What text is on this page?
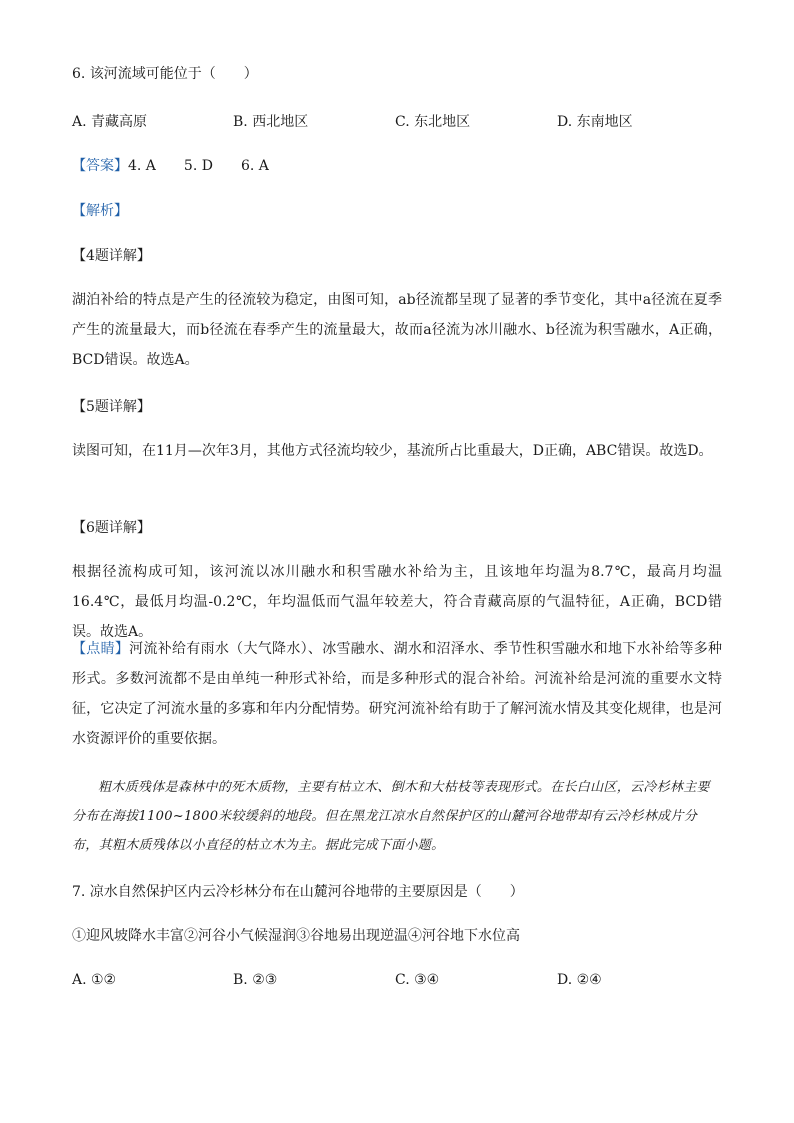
6. 该河流域可能位于（　　）
A. 青藏高原	B. 西北地区	C. 东北地区	D. 东南地区
【答案】4. A　　5. D　　6. A
【解析】
【4题详解】
湖泊补给的特点是产生的径流较为稳定，由图可知，ab径流都呈现了显著的季节变化，其中a径流在夏季产生的流量最大，而b径流在春季产生的流量最大，故而a径流为冰川融水、b径流为积雪融水，A正确，BCD错误。故选A。
【5题详解】
读图可知，在11月—次年3月，其他方式径流均较少，基流所占比重最大，D正确，ABC错误。故选D。
【6题详解】
根据径流构成可知，该河流以冰川融水和积雪融水补给为主，且该地年均温为8.7℃，最高月均温16.4℃，最低月均温-0.2℃，年均温低而气温年较差大，符合青藏高原的气温特征，A正确，BCD错误。故选A。
【点睛】河流补给有雨水（大气降水）、冰雪融水、湖水和沼泽水、季节性积雪融水和地下水补给等多种形式。多数河流都不是由单纯一种形式补给，而是多种形式的混合补给。河流补给是河流的重要水文特征，它决定了河流水量的多寡和年内分配情势。研究河流补给有助于了解河流水情及其变化规律，也是河水资源评价的重要依据。
粗木质残体是森林中的死木质物，主要有枯立木、倒木和大枯枝等表现形式。在长白山区，云冷杉林主要分布在海拔1100~1800米较缓斜的地段。但在黑龙江凉水自然保护区的山麓河谷地带却有云冷杉林成片分布，其粗木质残体以小直径的枯立木为主。据此完成下面小题。
7. 凉水自然保护区内云冷杉林分布在山麓河谷地带的主要原因是（　　）
①迎风坡降水丰富②河谷小气候湿润③谷地易出现逆温④河谷地下水位高
A. ①②	B. ②③	C. ③④	D. ②④
